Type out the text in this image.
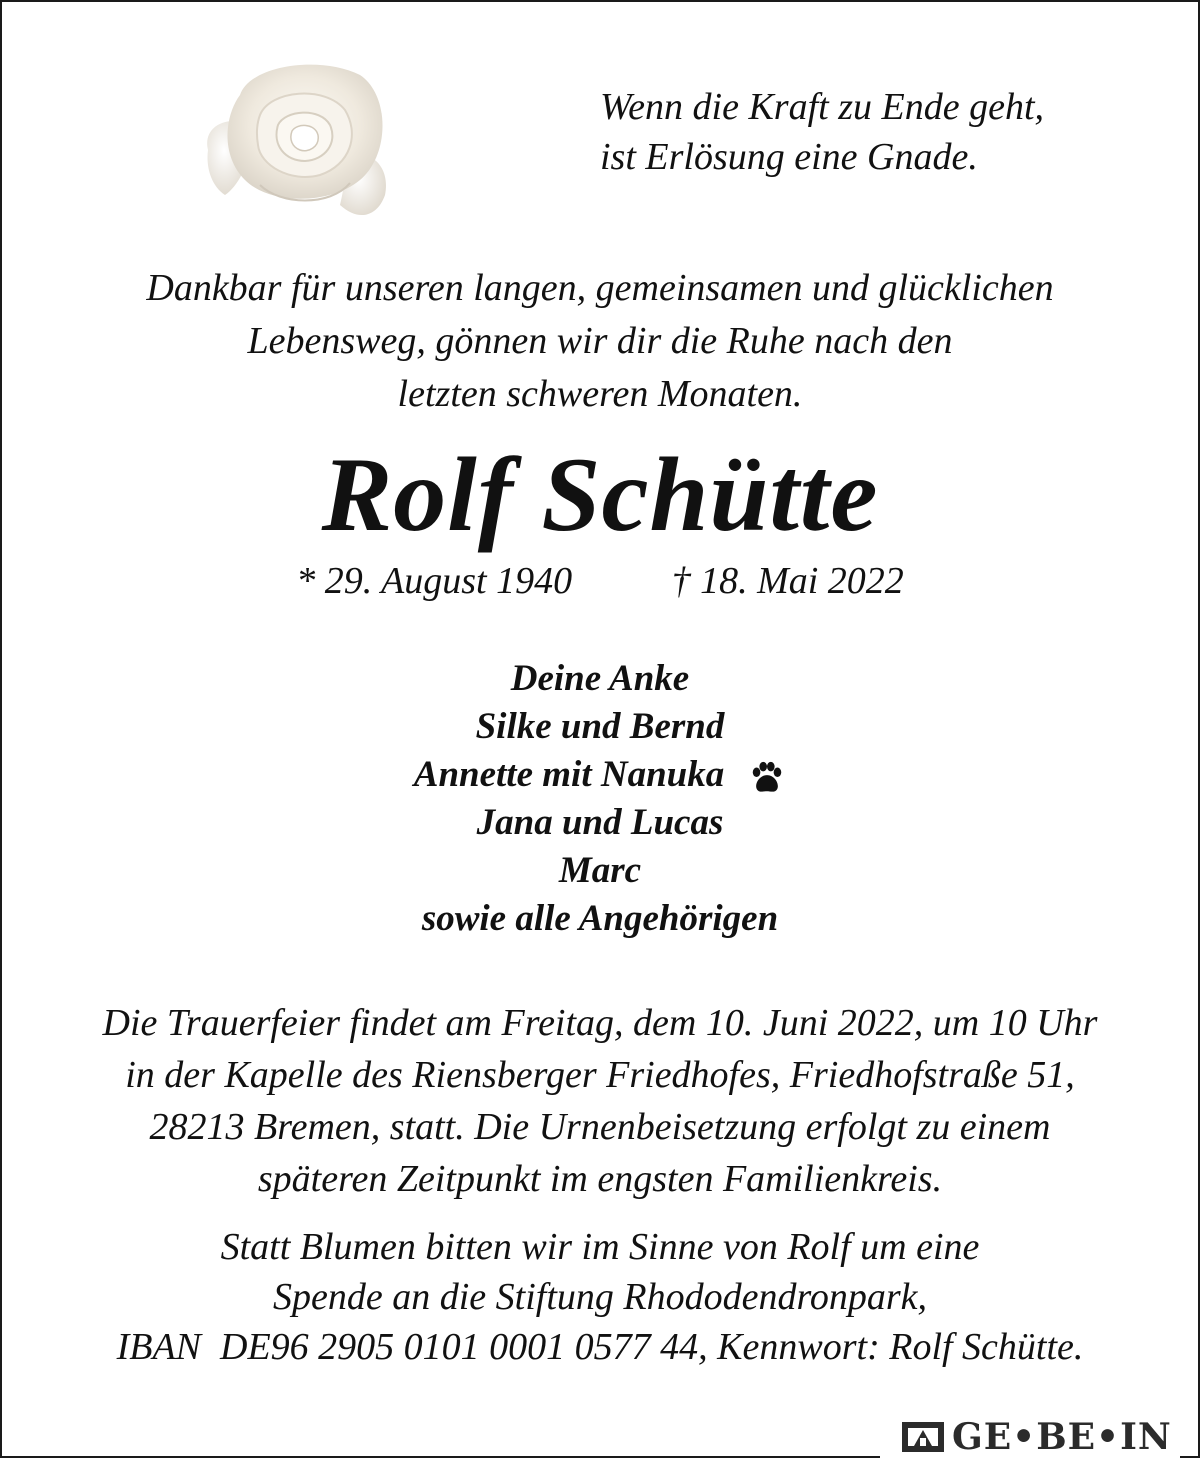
Wenn die Kraft zu Ende geht,
ist Erlösung eine Gnade.
Dankbar für unseren langen, gemeinsamen und glücklichen
Lebensweg, gönnen wir dir die Ruhe nach den
letzten schweren Monaten.
Rolf Schütte
* 29. August 1940	† 18. Mai 2022
Deine Anke
Silke und Bernd
Annette mit Nanuka
Jana und Lucas
Marc
sowie alle Angehörigen
Die Trauerfeier findet am Freitag, dem 10. Juni 2022, um 10 Uhr
in der Kapelle des Riensberger Friedhofes, Friedhofstraße 51,
28213 Bremen, statt. Die Urnenbeisetzung erfolgt zu einem
späteren Zeitpunkt im engsten Familienkreis.
Statt Blumen bitten wir im Sinne von Rolf um eine
Spende an die Stiftung Rhododendronpark,
IBAN  DE96 2905 0101 0001 0577 44, Kennwort: Rolf Schütte.
GE•BE•IN
